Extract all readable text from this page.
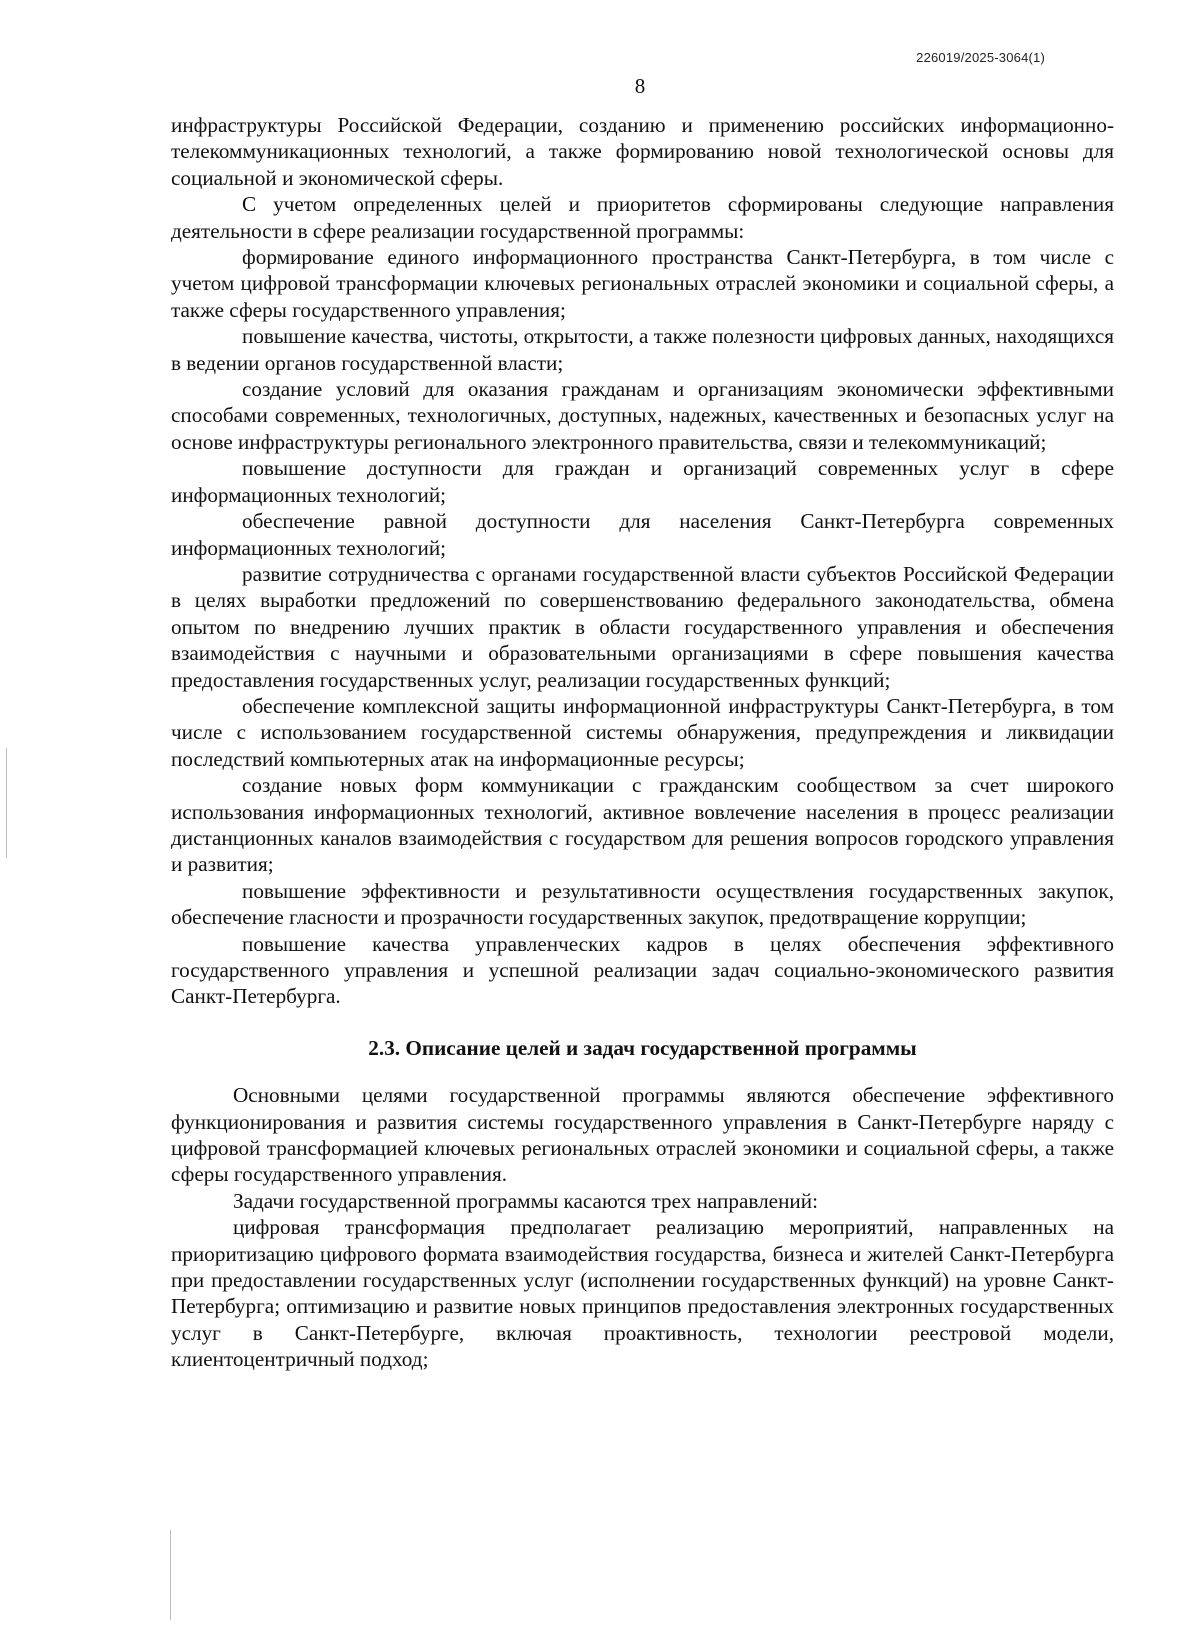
226019/2025-3064(1)
8

инфраструктуры Российской Федерации, созданию и применению российских информационно-телекоммуникационных технологий, а также формированию новой технологической основы для социальной и экономической сферы.

С учетом определенных целей и приоритетов сформированы следующие направления деятельности в сфере реализации государственной программы:

формирование единого информационного пространства Санкт-Петербурга, в том числе с учетом цифровой трансформации ключевых региональных отраслей экономики и социальной сферы, а также сферы государственного управления;

повышение качества, чистоты, открытости, а также полезности цифровых данных, находящихся в ведении органов государственной власти;

создание условий для оказания гражданам и организациям экономически эффективными способами современных, технологичных, доступных, надежных, качественных и безопасных услуг на основе инфраструктуры регионального электронного правительства, связи и телекоммуникаций;

повышение доступности для граждан и организаций современных услуг в сфере информационных технологий;

обеспечение равной доступности для населения Санкт-Петербурга современных информационных технологий;

развитие сотрудничества с органами государственной власти субъектов Российской Федерации в целях выработки предложений по совершенствованию федерального законодательства, обмена опытом по внедрению лучших практик в области государственного управления и обеспечения взаимодействия с научными и образовательными организациями в сфере повышения качества предоставления государственных услуг, реализации государственных функций;

обеспечение комплексной защиты информационной инфраструктуры Санкт-Петербурга, в том числе с использованием государственной системы обнаружения, предупреждения и ликвидации последствий компьютерных атак на информационные ресурсы;

создание новых форм коммуникации с гражданским сообществом за счет широкого использования информационных технологий, активное вовлечение населения в процесс реализации дистанционных каналов взаимодействия с государством для решения вопросов городского управления и развития;

повышение эффективности и результативности осуществления государственных закупок, обеспечение гласности и прозрачности государственных закупок, предотвращение коррупции;

повышение качества управленческих кадров в целях обеспечения эффективного государственного управления и успешной реализации задач социально-экономического развития Санкт-Петербурга.

2.3. Описание целей и задач государственной программы

Основными целями государственной программы являются обеспечение эффективного функционирования и развития системы государственного управления в Санкт-Петербурге наряду с цифровой трансформацией ключевых региональных отраслей экономики и социальной сферы, а также сферы государственного управления.

Задачи государственной программы касаются трех направлений:

цифровая трансформация предполагает реализацию мероприятий, направленных на приоритизацию цифрового формата взаимодействия государства, бизнеса и жителей Санкт-Петербурга при предоставлении государственных услуг (исполнении государственных функций) на уровне Санкт-Петербурга; оптимизацию и развитие новых принципов предоставления электронных государственных услуг в Санкт-Петербурге, включая проактивность, технологии реестровой модели, клиентоцентричный подход;
